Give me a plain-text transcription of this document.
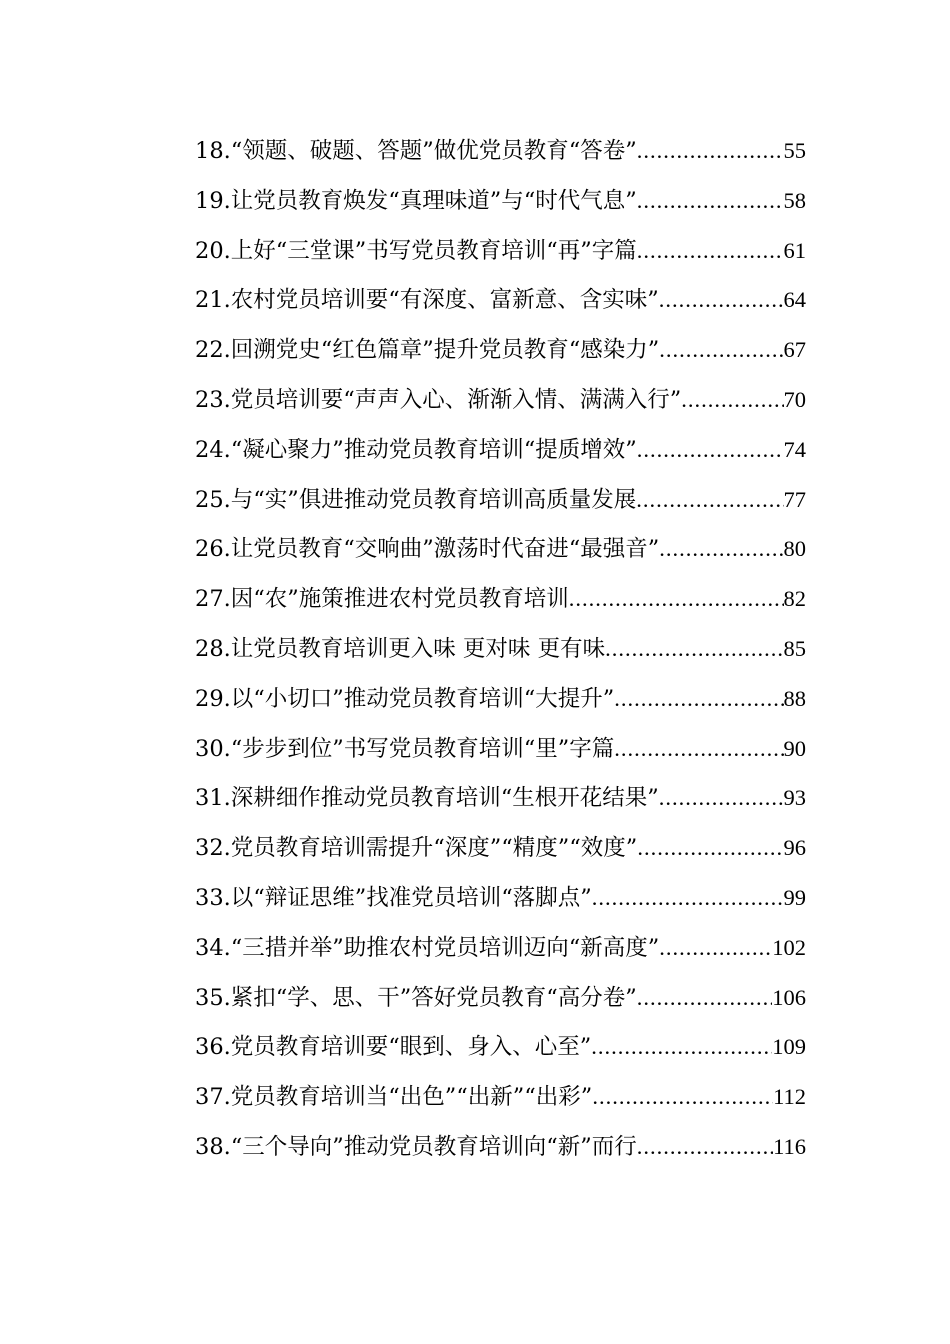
18.“领题、破题、答题”做优党员教育“答卷” .....	55
19.让党员教育焕发“真理味道”与“时代气息” .....	58
20.上好“三堂课”书写党员教育培训“再”字篇 .....	61
21.农村党员培训要“有深度、富新意、含实味” .....	64
22.回溯党史“红色篇章”提升党员教育“感染力” .....	67
23.党员培训要“声声入心、渐渐入情、满满入行” .....	70
24.“凝心聚力”推动党员教育培训“提质增效” .....	74
25.与“实”俱进推动党员教育培训高质量发展 .....	77
26.让党员教育“交响曲”激荡时代奋进“最强音” .....	80
27.因“农”施策推进农村党员教育培训 .....	82
28.让党员教育培训更入味 更对味 更有味 .....	85
29.以“小切口”推动党员教育培训“大提升” .....	88
30.“步步到位”书写党员教育培训“里”字篇 .....	90
31.深耕细作推动党员教育培训“生根开花结果” .....	93
32.党员教育培训需提升“深度”“精度”“效度” .....	96
33.以“辩证思维”找准党员培训“落脚点” .....	99
34.“三措并举”助推农村党员培训迈向“新高度” .....	102
35.紧扣“学、思、干”答好党员教育“高分卷” .....	106
36.党员教育培训要“眼到、身入、心至” .....	109
37.党员教育培训当“出色”“出新”“出彩” .....	112
38.“三个导向”推动党员教育培训向“新”而行 .....	116
